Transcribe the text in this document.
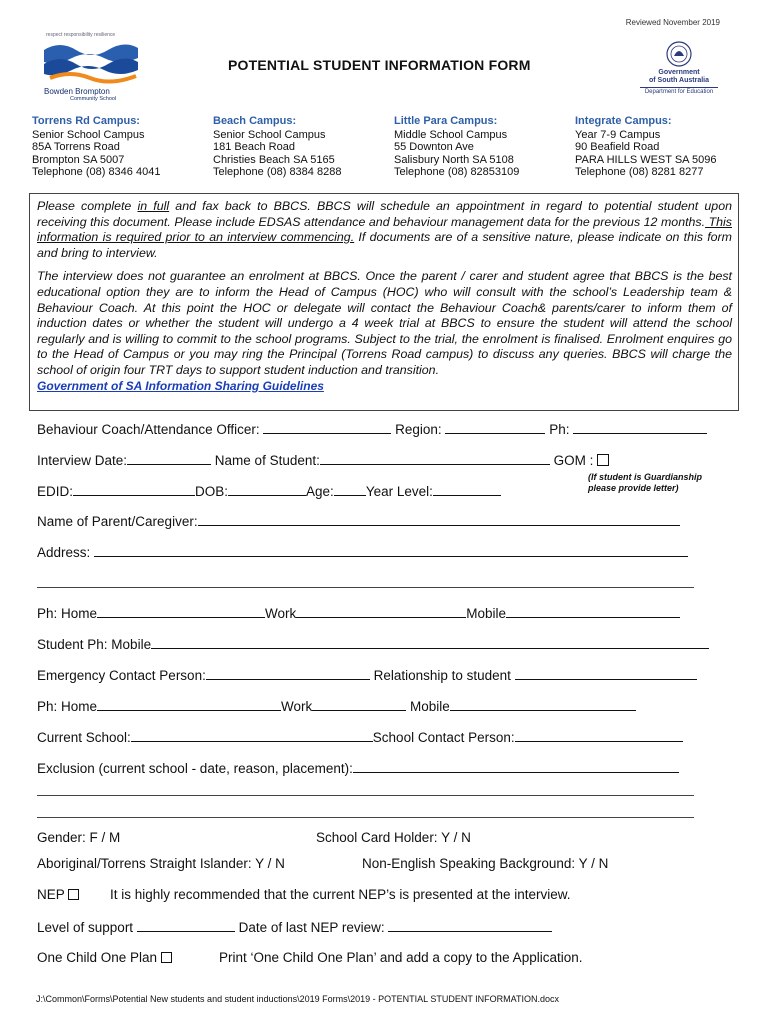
Reviewed November 2019
respect responsibility resilience
Bowden Brompton
Community School
POTENTIAL STUDENT INFORMATION FORM	Government
of South Australia
Department for Education
Torrens Rd Campus:
Senior School Campus
85A Torrens Road
Brompton SA 5007
Telephone (08) 8346 4041
Beach Campus:
Senior School Campus
181 Beach Road
Christies Beach SA 5165
Telephone (08) 8384 8288
Little Para Campus:
Middle School Campus
55 Downton Ave
Salisbury North SA 5108
Telephone (08) 82853109
Integrate Campus:
Year 7-9 Campus
90 Beafield Road
PARA HILLS WEST SA 5096
Telephone (08) 8281 8277

Please complete in full and fax back to BBCS. BBCS will schedule an appointment in regard to potential student upon receiving this document. Please include EDSAS attendance and behaviour management data for the previous 12 months. This information is required prior to an interview commencing. If documents are of a sensitive nature, please indicate on this form and bring to interview.

The interview does not guarantee an enrolment at BBCS. Once the parent / carer and student agree that BBCS is the best educational option they are to inform the Head of Campus (HOC) who will consult with the school’s Leadership team & Behaviour Coach. At this point the HOC or delegate will contact the Behaviour Coach& parents/carer to inform them of induction dates or whether the student will undergo a 4 week trial at BBCS to ensure the student will attend the school regularly and is willing to commit to the school programs. Subject to the trial, the enrolment is finalised. Enrolment enquires go to the Head of Campus or you may ring the Principal (Torrens Road campus) to discuss any queries. BBCS will charge the school of origin four TRT days to support student induction and transition.
Government of SA Information Sharing Guidelines

Behaviour Coach/Attendance Officer:	Region:	Ph:
Interview Date:	Name of Student:	GOM :
(If student is Guardianship
please provide letter)
EDID:	DOB:	Age: Year Level:
Name of Parent/Caregiver:
Address:
Ph: Home	Work	Mobile
Student Ph: Mobile
Emergency Contact Person:	Relationship to student
Ph: Home	Work	Mobile
Current School:	School Contact Person:
Exclusion (current school - date, reason, placement):
Gender: F / M	School Card Holder: Y / N
Aboriginal/Torrens Straight Islander: Y / N	Non-English Speaking Background: Y / N
NEP	It is highly recommended that the current NEP’s is presented at the interview.
Level of support	Date of last NEP review:
One Child One Plan	Print ‘One Child One Plan’ and add a copy to the Application.
J:\Common\Forms\Potential New students and student inductions\2019 Forms\2019 - POTENTIAL STUDENT INFORMATION.docx
